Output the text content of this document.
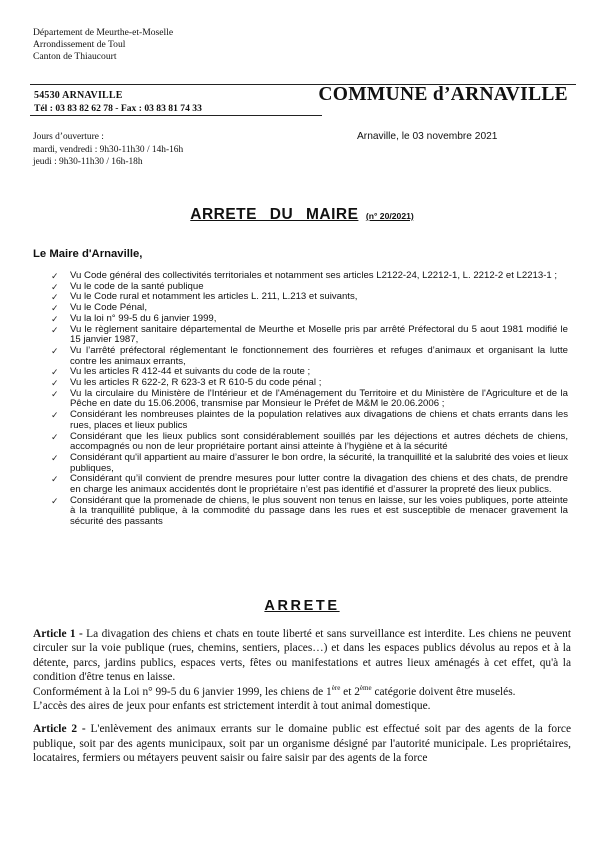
Département de Meurthe-et-Moselle
Arrondissement de Toul
Canton de Thiaucourt
54530 ARNAVILLE
Tél : 03 83 82 62 78 - Fax : 03 83 81 74 33
COMMUNE d’ARNAVILLE
Jours d’ouverture :
mardi, vendredi : 9h30-11h30 / 14h-16h
jeudi : 9h30-11h30 / 16h-18h
Arnaville, le 03 novembre 2021
ARRETE DU MAIRE (n° 20/2021)
Le Maire d'Arnaville,
✓ Vu Code général des collectivités territoriales et notamment ses articles L2122-24, L2212-1, L. 2212-2 et L2213-1 ;
✓ Vu le code de la santé publique
✓ Vu le Code rural et notamment les articles L. 211, L.213 et suivants,
✓ Vu le Code Pénal,
✓ Vu la loi n° 99-5 du 6 janvier 1999,
✓ Vu le règlement sanitaire départemental de Meurthe et Moselle pris par arrêté Préfectoral du 5 aout 1981 modifié le 15 janvier 1987,
✓ Vu l’arrêté préfectoral réglementant le fonctionnement des fourrières et refuges d’animaux et organisant la lutte contre les animaux errants,
✓ Vu les articles R 412-44 et suivants du code de la route ;
✓ Vu les articles R 622-2, R 623-3 et R 610-5 du code pénal ;
✓ Vu la circulaire du Ministère de l'Intérieur et de l'Aménagement du Territoire et du Ministère de l'Agriculture et de la Pêche en date du 15.06.2006, transmise par Monsieur le Préfet de M&M le 20.06.2006 ;
✓ Considérant les nombreuses plaintes de la population relatives aux divagations de chiens et chats errants dans les rues, places et lieux publics
✓ Considérant que les lieux publics sont considérablement souillés par les déjections et autres déchets de chiens, accompagnés ou non de leur propriétaire portant ainsi atteinte à l’hygiène et à la sécurité
✓ Considérant qu'il appartient au maire d’assurer le bon ordre, la sécurité, la tranquillité et la salubrité des voies et lieux publiques,
✓ Considérant qu’il convient de prendre mesures pour lutter contre la divagation des chiens et des chats, de prendre en charge les animaux accidentés dont le propriétaire n’est pas identifié et d’assurer la propreté des lieux publics.
✓ Considérant que la promenade de chiens, le plus souvent non tenus en laisse, sur les voies publiques, porte atteinte à la tranquillité publique, à la commodité du passage dans les rues et est susceptible de menacer gravement la sécurité des passants
ARRETE

Article 1 - La divagation des chiens et chats en toute liberté et sans surveillance est interdite. Les chiens ne peuvent circuler sur la voie publique (rues, chemins, sentiers, places…) et dans les espaces publics dévolus au repos et à la détente, parcs, jardins publics, espaces verts, fêtes ou manifestations et autres lieux aménagés à cet effet, qu'à la condition d'être tenus en laisse.

Conformément à la Loi n° 99-5 du 6 janvier 1999, les chiens de 1ère et 2ème catégorie doivent être muselés.

L’accès des aires de jeux pour enfants est strictement interdit à tout animal domestique.

Article 2 - L'enlèvement des animaux errants sur le domaine public est effectué soit par des agents de la force publique, soit par des agents municipaux, soit par un organisme désigné par l'autorité municipale. Les propriétaires, locataires, fermiers ou métayers peuvent saisir ou faire saisir par des agents de la force
